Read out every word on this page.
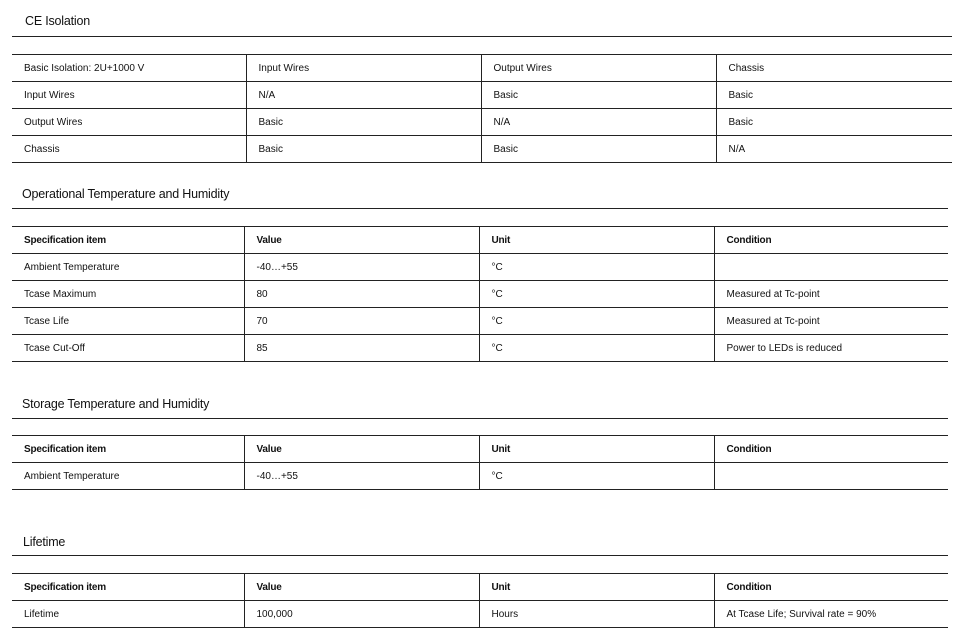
CE Isolation
Basic Isolation: 2U+1000 V	Input Wires	Output Wires	Chassis
Input Wires	N/A	Basic	Basic
Output Wires	Basic	N/A	Basic
Chassis	Basic	Basic	N/A
Operational Temperature and Humidity
Specification item	Value	Unit	Condition
Ambient Temperature	-40…+55	°C	
Tcase Maximum	80	°C	Measured at Tc-point
Tcase Life	70	°C	Measured at Tc-point
Tcase Cut-Off	85	°C	Power to LEDs is reduced
Storage Temperature and Humidity
Specification item	Value	Unit	Condition
Ambient Temperature	-40…+55	°C	
Lifetime
Specification item	Value	Unit	Condition
Lifetime	100,000	Hours	At Tcase Life; Survival rate = 90%
